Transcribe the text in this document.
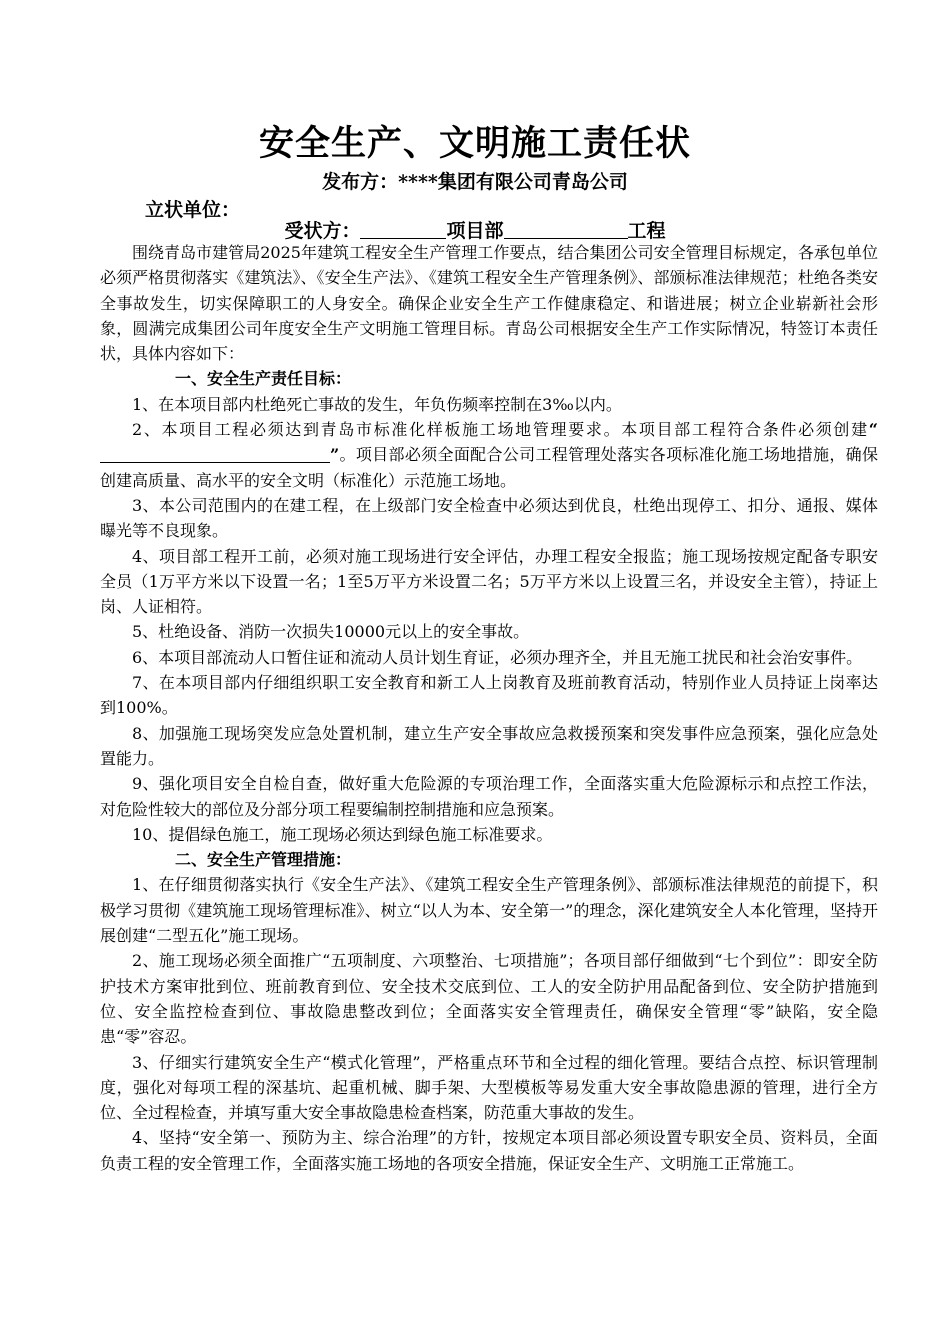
安全生产、文明施工责任状
发布方：****集团有限公司青岛公司
立状单位：
受状方：	项目部	工程

围绕青岛市建管局2025年建筑工程安全生产管理工作要点，结合集团公司安全管理目标规定，各承包单位必须严格贯彻落实《建筑法》、《安全生产法》、《建筑工程安全生产管理条例》、部颁标准法律规范；杜绝各类安全事故发生，切实保障职工的人身安全。确保企业安全生产工作健康稳定、和谐进展；树立企业崭新社会形象，圆满完成集团公司年度安全生产文明施工管理目标。青岛公司根据安全生产工作实际情况，特签订本责任状，具体内容如下：

一、安全生产责任目标：

1、在本项目部内杜绝死亡事故的发生，年负伤频率控制在3‰以内。

2、本项目工程必须达到青岛市标准化样板施工场地管理要求。本项目部工程符合条件必须创建“”。项目部必须全面配合公司工程管理处落实各项标准化施工场地措施，确保创建高质量、高水平的安全文明（标准化）示范施工场地。

3、本公司范围内的在建工程，在上级部门安全检查中必须达到优良，杜绝出现停工、扣分、通报、媒体曝光等不良现象。

4、项目部工程开工前，必须对施工现场进行安全评估，办理工程安全报监；施工现场按规定配备专职安全员（1万平方米以下设置一名；1至5万平方米设置二名；5万平方米以上设置三名，并设安全主管），持证上岗、人证相符。

5、杜绝设备、消防一次损失10000元以上的安全事故。

6、本项目部流动人口暂住证和流动人员计划生育证，必须办理齐全，并且无施工扰民和社会治安事件。

7、在本项目部内仔细组织职工安全教育和新工人上岗教育及班前教育活动，特别作业人员持证上岗率达到100%。

8、加强施工现场突发应急处置机制，建立生产安全事故应急救援预案和突发事件应急预案，强化应急处置能力。

9、强化项目安全自检自查，做好重大危险源的专项治理工作，全面落实重大危险源标示和点控工作法，对危险性较大的部位及分部分项工程要编制控制措施和应急预案。

10、提倡绿色施工，施工现场必须达到绿色施工标准要求。

二、安全生产管理措施：

1、在仔细贯彻落实执行《安全生产法》、《建筑工程安全生产管理条例》、部颁标准法律规范的前提下，积极学习贯彻《建筑施工现场管理标准》、树立“以人为本、安全第一”的理念，深化建筑安全人本化管理，坚持开展创建“二型五化”施工现场。

2、施工现场必须全面推广“五项制度、六项整治、七项措施”；各项目部仔细做到“七个到位”：即安全防护技术方案审批到位、班前教育到位、安全技术交底到位、工人的安全防护用品配备到位、安全防护措施到位、安全监控检查到位、事故隐患整改到位；全面落实安全管理责任，确保安全管理“零”缺陷，安全隐患“零”容忍。

3、仔细实行建筑安全生产“模式化管理”，严格重点环节和全过程的细化管理。要结合点控、标识管理制度，强化对每项工程的深基坑、起重机械、脚手架、大型模板等易发重大安全事故隐患源的管理，进行全方位、全过程检查，并填写重大安全事故隐患检查档案，防范重大事故的发生。

4、坚持“安全第一、预防为主、综合治理”的方针，按规定本项目部必须设置专职安全员、资料员，全面负责工程的安全管理工作，全面落实施工场地的各项安全措施，保证安全生产、文明施工正常施工。
